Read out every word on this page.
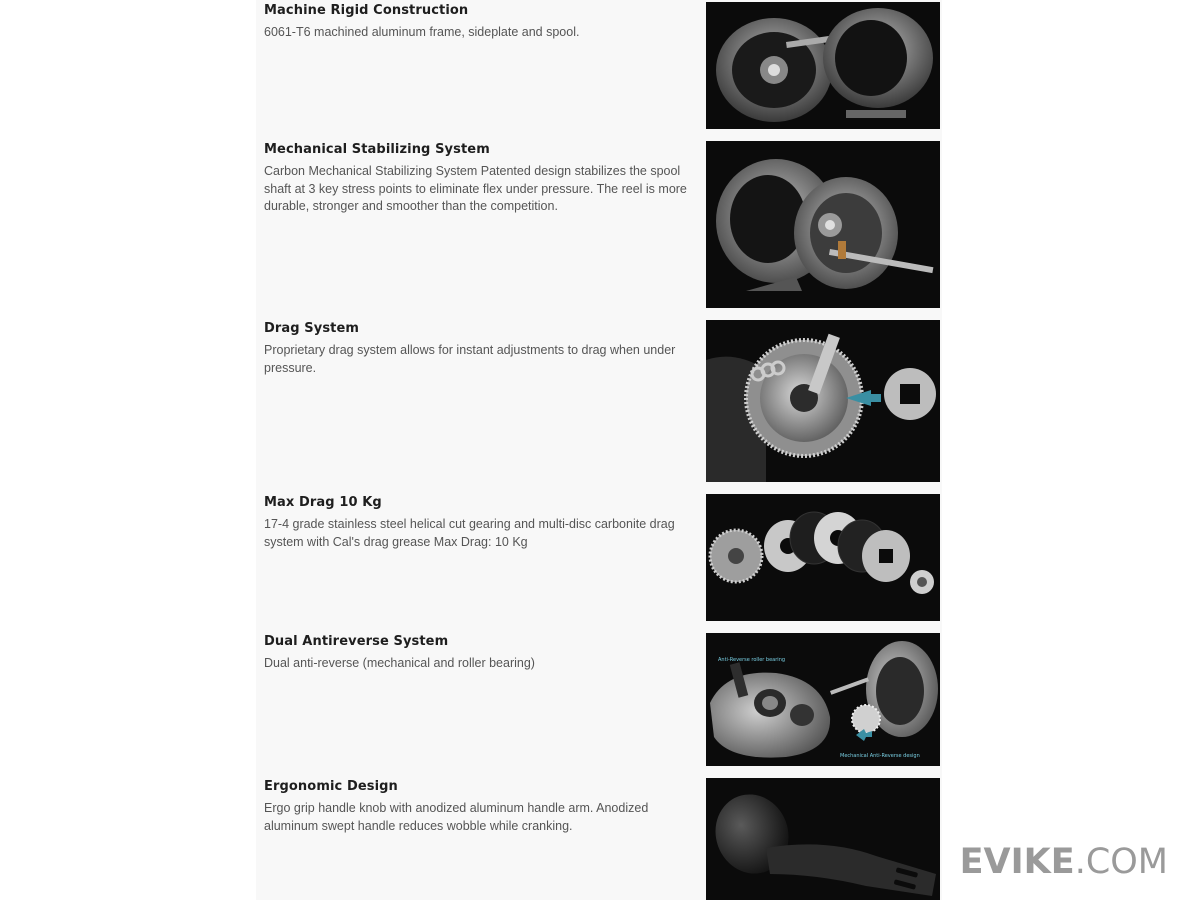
Machine Rigid Construction

6061-T6 machined aluminum frame, sideplate and spool.

Mechanical Stabilizing System

Carbon Mechanical Stabilizing System Patented design stabilizes the spool shaft at 3 key stress points to eliminate flex under pressure. The reel is more durable, stronger and smoother than the competition.

Drag System

Proprietary drag system allows for instant adjustments to drag when under pressure.

Max Drag 10 Kg

17-4 grade stainless steel helical cut gearing and multi-disc carbonite drag system with Cal's drag grease Max Drag: 10 Kg

Dual Antireverse System

Dual anti-reverse (mechanical and roller bearing)	Anti-Reverse roller bearing
Mechanical Anti-Reverse design
Ergonomic Design

Ergo grip handle knob with anodized aluminum handle arm. Anodized aluminum swept handle reduces wobble while cranking.

EVIKE.COM
